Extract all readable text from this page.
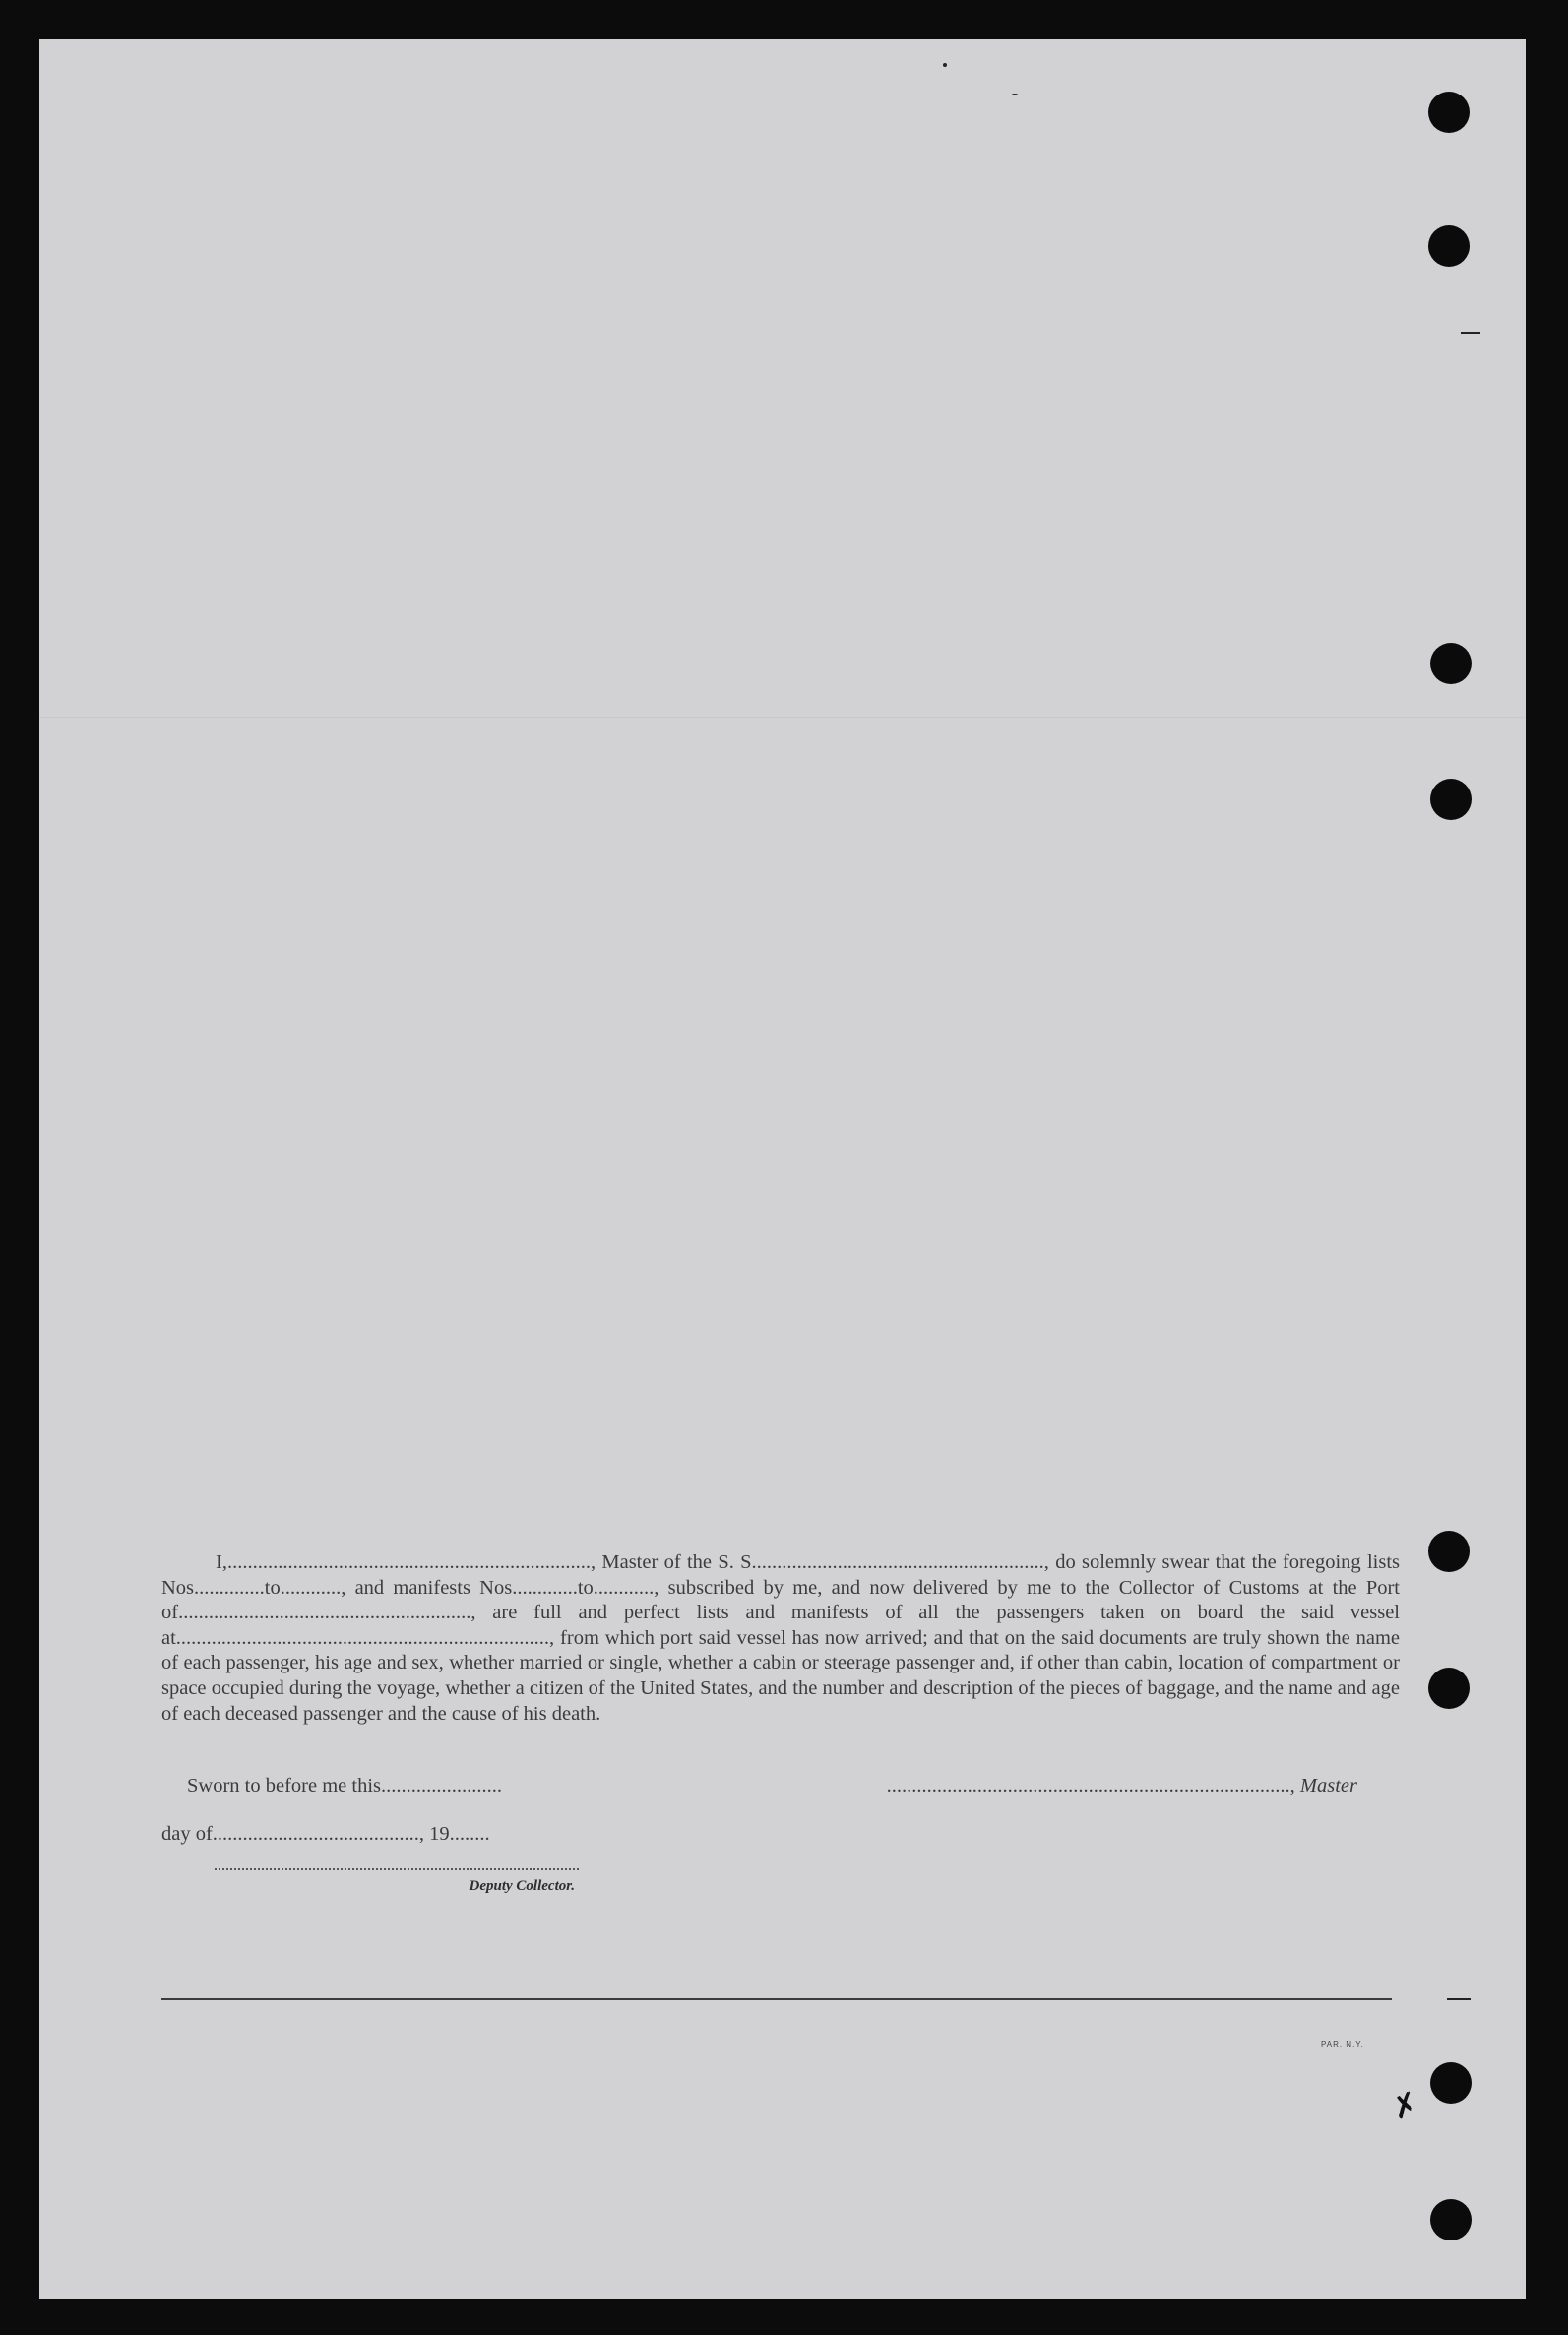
I,........................................................................, Master of the S. S.........................................................., do solemnly swear that the foregoing lists Nos..............to............, and manifests Nos.............to............, subscribed by me, and now delivered by me to the Collector of Customs at the Port of.........................................................., are full and perfect lists and manifests of all the passengers taken on board the said vessel at.........................................................................., from which port said vessel has now arrived; and that on the said documents are truly shown the name of each passenger, his age and sex, whether married or single, whether a cabin or steerage passenger and, if other than cabin, location of compartment or space occupied during the voyage, whether a citizen of the United States, and the number and description of the pieces of baggage, and the name and age of each deceased passenger and the cause of his death.

Sworn to before me this........................	................................................................................, Master
day of........................................., 19........
Deputy Collector.
PAR. N.Y.
✗
